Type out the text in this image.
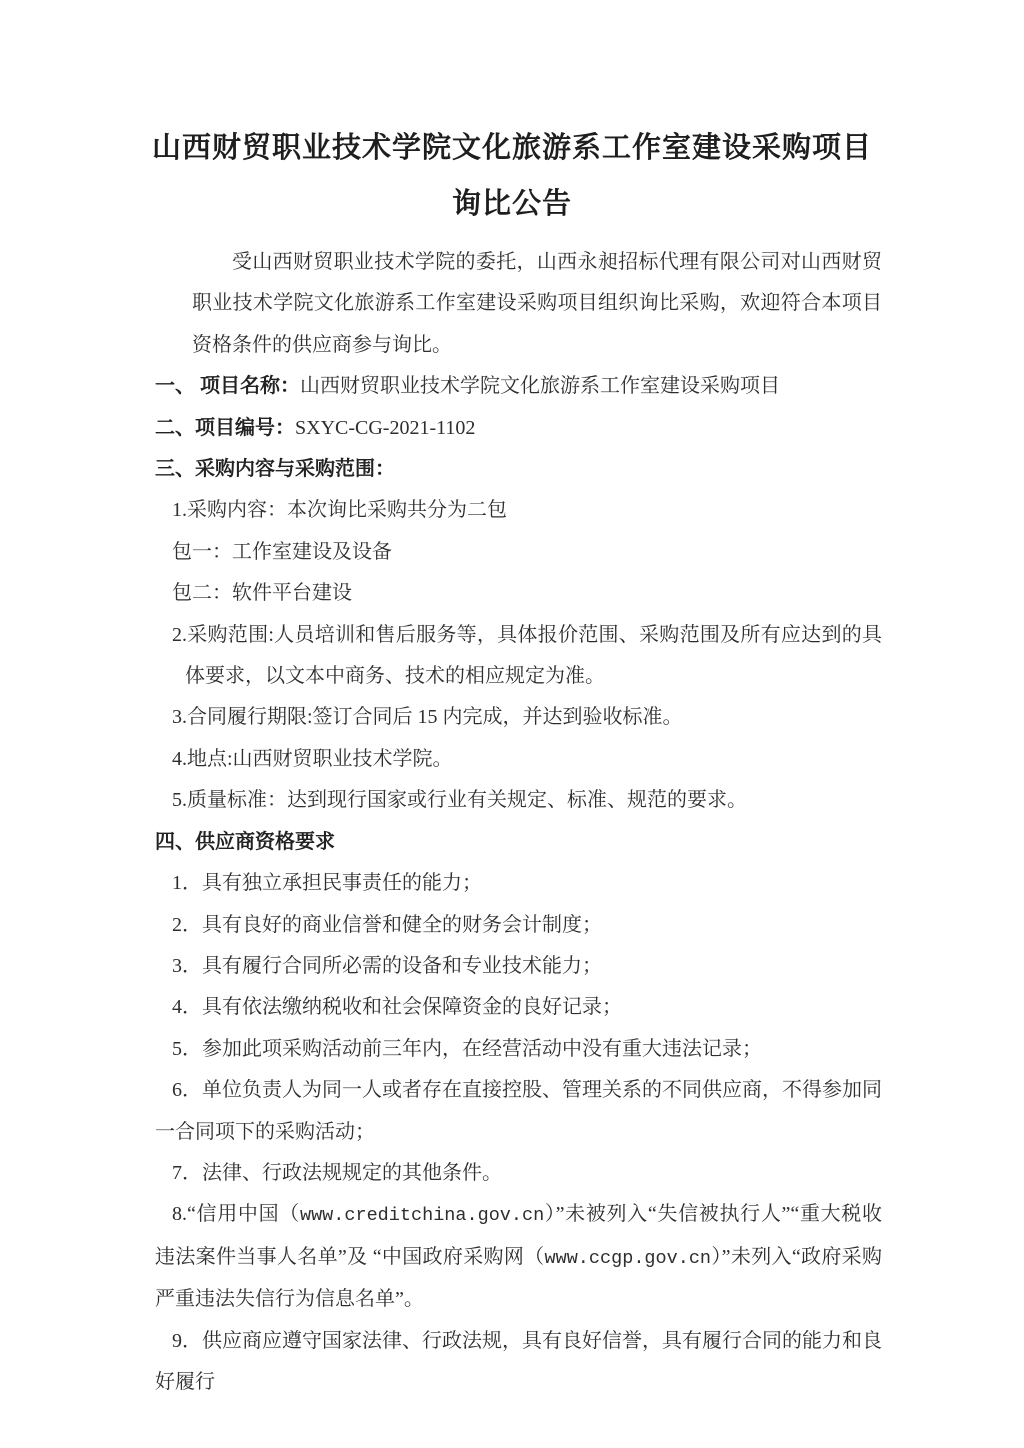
山西财贸职业技术学院文化旅游系工作室建设采购项目
询比公告

受山西财贸职业技术学院的委托，山西永昶招标代理有限公司对山西财贸职业技术学院文化旅游系工作室建设采购项目组织询比采购，欢迎符合本项目资格条件的供应商参与询比。

一、 项目名称：山西财贸职业技术学院文化旅游系工作室建设采购项目

二、项目编号：SXYC-CG-2021-1102

三、采购内容与采购范围：

1.采购内容：本次询比采购共分为二包

包一：工作室建设及设备

包二：软件平台建设

2.采购范围:人员培训和售后服务等，具体报价范围、采购范围及所有应达到的具体要求，以文本中商务、技术的相应规定为准。

3.合同履行期限:签订合同后 15 内完成，并达到验收标准。

4.地点:山西财贸职业技术学院。

5.质量标准：达到现行国家或行业有关规定、标准、规范的要求。

四、供应商资格要求

1．具有独立承担民事责任的能力；

2．具有良好的商业信誉和健全的财务会计制度；

3．具有履行合同所必需的设备和专业技术能力；

4．具有依法缴纳税收和社会保障资金的良好记录；

5．参加此项采购活动前三年内，在经营活动中没有重大违法记录；

6．单位负责人为同一人或者存在直接控股、管理关系的不同供应商，不得参加同一合同项下的采购活动；

7．法律、行政法规规定的其他条件。

8.“信用中国（www.creditchina.gov.cn）”未被列入“失信被执行人”“重大税收违法案件当事人名单”及 “中国政府采购网（www.ccgp.gov.cn）”未列入“政府采购严重违法失信行为信息名单”。

9．供应商应遵守国家法律、行政法规，具有良好信誉，具有履行合同的能力和良好履行
